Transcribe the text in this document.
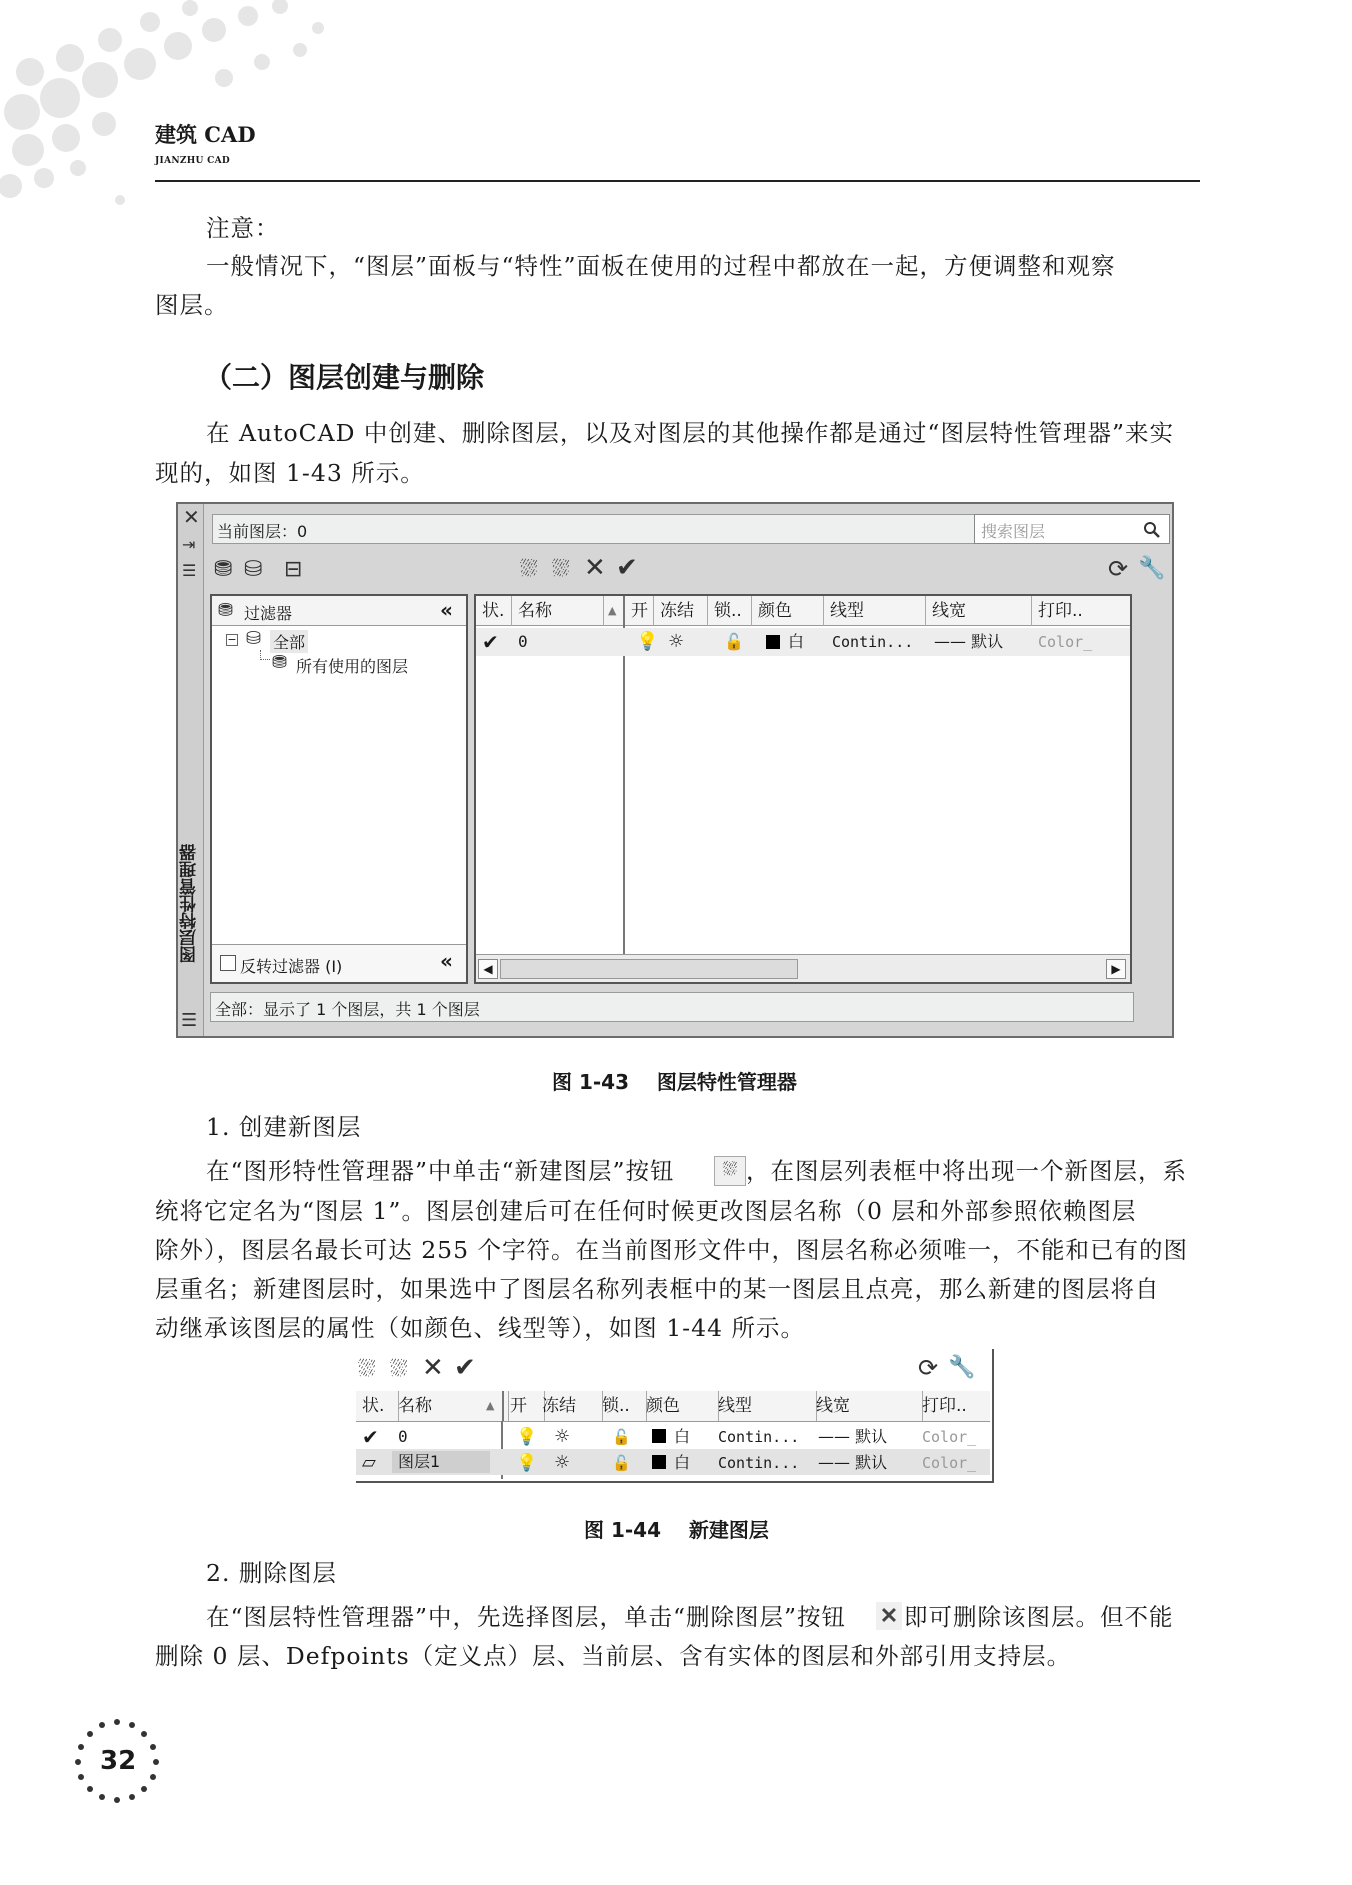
建筑 CAD
JIANZHU CAD
注意：
一般情况下，“图层”面板与“特性”面板在使用的过程中都放在一起，方便调整和观察
图层。
（二）图层创建与删除
在 AutoCAD 中创建、删除图层，以及对图层的其他操作都是通过“图层特性管理器”来实
现的，如图 1-43 所示。
✕
⇥
☰
图层特性管理器
☰
当前图层：0	搜索图层
⛃ ⛁ ⊟	⛆ ⛆ ✕ ✔	⟳ 🔧
⛃ 过滤器	«
− ⛁ 全部
⛃ 所有使用的图层
反转过滤器 (I)	«
状. 名称	▲ 开 冻结	锁.. 颜色	线型	线宽	打印..
✔ 0	💡 ☼ 🔓	白 Contin... —— 默认 Color_
◀	▶
全部：显示了 1 个图层，共 1 个图层
图 1-43    图层特性管理器
1. 创建新图层
在“图形特性管理器”中单击“新建图层”按钮	⛆ ，在图层列表框中将出现一个新图层，系
统将它定名为“图层 1”。图层创建后可在任何时候更改图层名称（0 层和外部参照依赖图层
除外），图层名最长可达 255 个字符。在当前图形文件中，图层名称必须唯一，不能和已有的图
层重名；新建图层时，如果选中了图层名称列表框中的某一图层且点亮，那么新建的图层将自
动继承该图层的属性（如颜色、线型等），如图 1-44 所示。
⛆ ⛆ ✕ ✔	⟳ 🔧
状. 名称	▲ 开 冻结	锁.. 颜色	线型	线宽	打印..
✔ 0	💡 ☼	🔓	白 Contin... —— 默认 Color_
▱	图层1	💡 ☼	🔓	白 Contin... —— 默认 Color_
图 1-44    新建图层
2. 删除图层
在“图层特性管理器”中，先选择图层，单击“删除图层”按钮 ✕ 即可删除该图层。但不能
删除 0 层、Defpoints（定义点）层、当前层、含有实体的图层和外部引用支持层。
32
